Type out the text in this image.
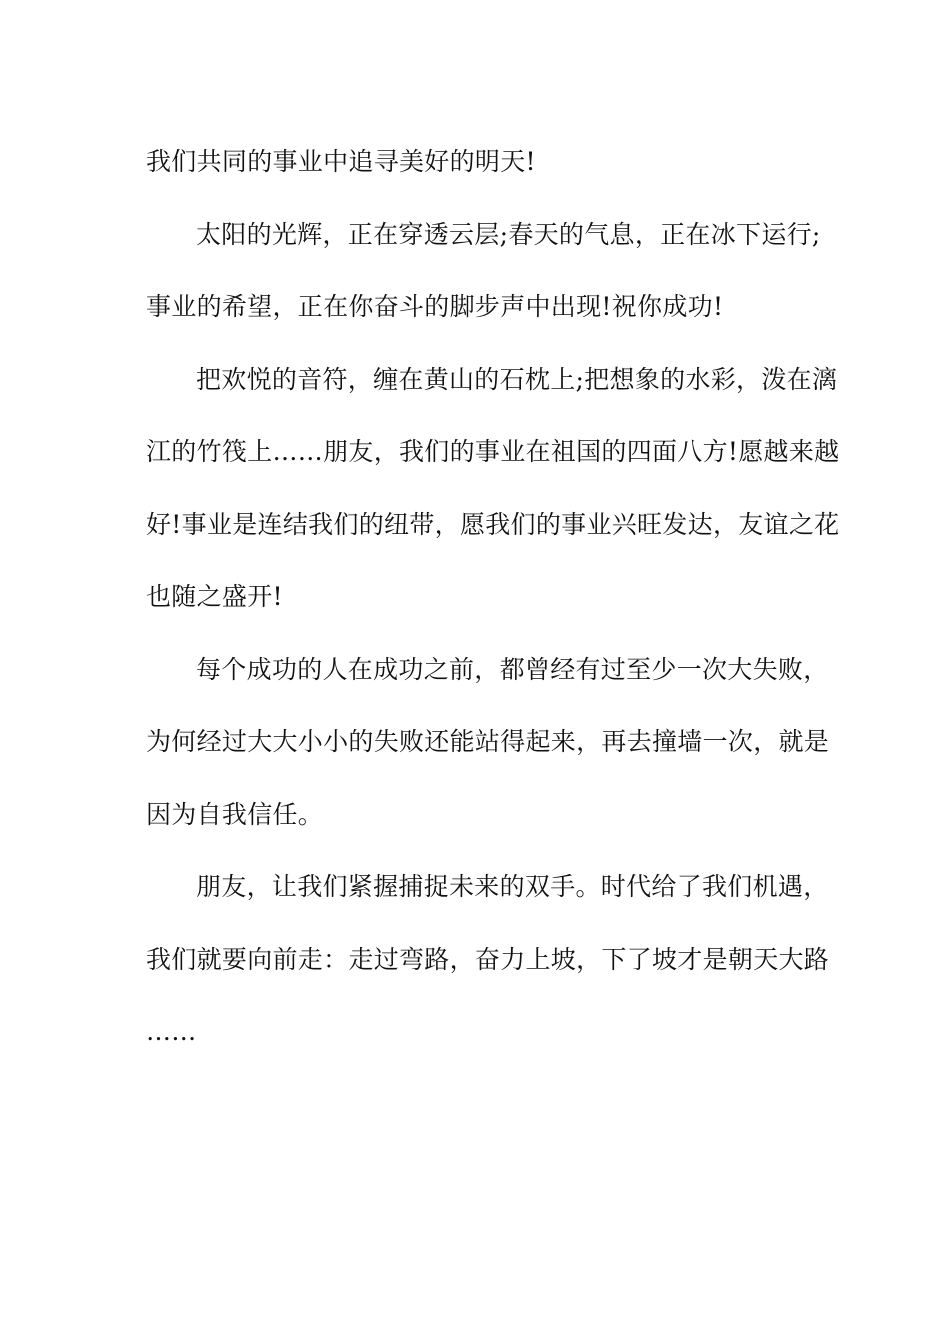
我们共同的事业中追寻美好的明天!

太阳的光辉，正在穿透云层;春天的气息，正在冰下运行;
事业的希望，正在你奋斗的脚步声中出现!祝你成功!

把欢悦的音符，缠在黄山的石枕上;把想象的水彩，泼在漓
江的竹筏上……朋友，我们的事业在祖国的四面八方!愿越来越
好!事业是连结我们的纽带，愿我们的事业兴旺发达，友谊之花
也随之盛开!

每个成功的人在成功之前，都曾经有过至少一次大失败，
为何经过大大小小的失败还能站得起来，再去撞墙一次，就是
因为自我信任。

朋友，让我们紧握捕捉未来的双手。时代给了我们机遇，
我们就要向前走：走过弯路，奋力上坡，下了坡才是朝天大路
……
